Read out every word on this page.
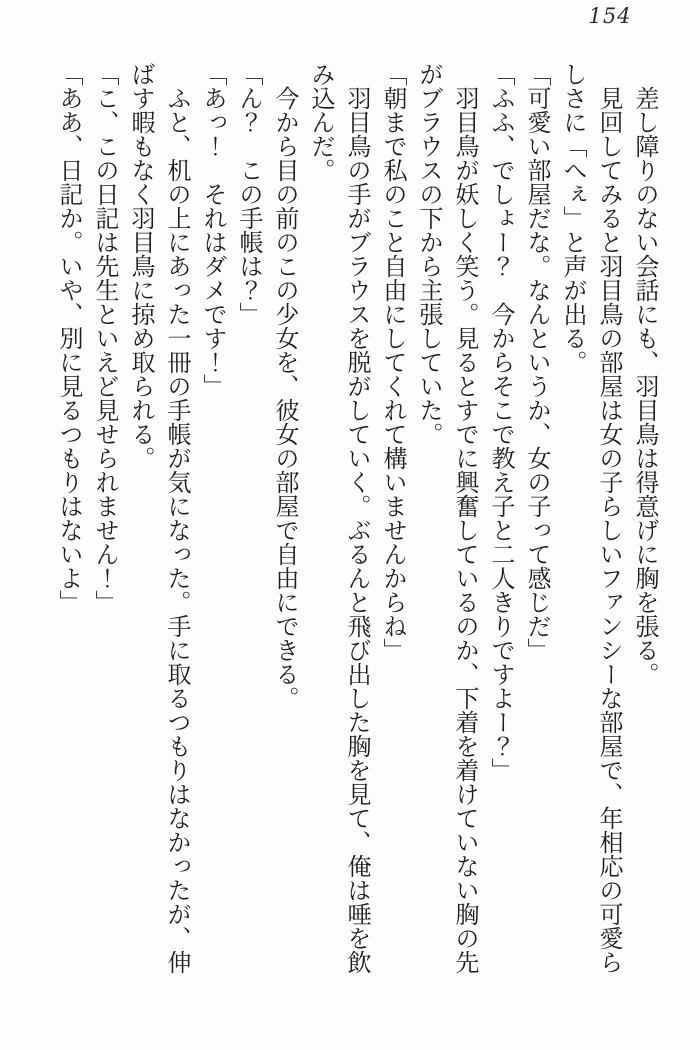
154

差し障りのない会話にも、羽目鳥は得意げに胸を張る。

見回してみると羽目鳥の部屋は女の子らしいファンシーな部屋で、年相応の可愛らしさに「へぇ」と声が出る。

「可愛い部屋だな。なんというか、女の子って感じだ」

「ふふ、でしょー？　今からそこで教え子と二人きりですよー？」

羽目鳥が妖しく笑う。見るとすでに興奮しているのか、下着を着けていない胸の先がブラウスの下から主張していた。

「朝まで私のこと自由にしてくれて構いませんからね」

羽目鳥の手がブラウスを脱がしていく。ぶるんと飛び出した胸を見て、俺は唾を飲み込んだ。

今から目の前のこの少女を、彼女の部屋で自由にできる。

「ん？　この手帳は？」

「あっ！　それはダメです！」

ふと、机の上にあった一冊の手帳が気になった。手に取るつもりはなかったが、伸ばす暇もなく羽目鳥に掠め取られる。

「こ、この日記は先生といえど見せられません！」

「ああ、日記か。いや、別に見るつもりはないよ」
